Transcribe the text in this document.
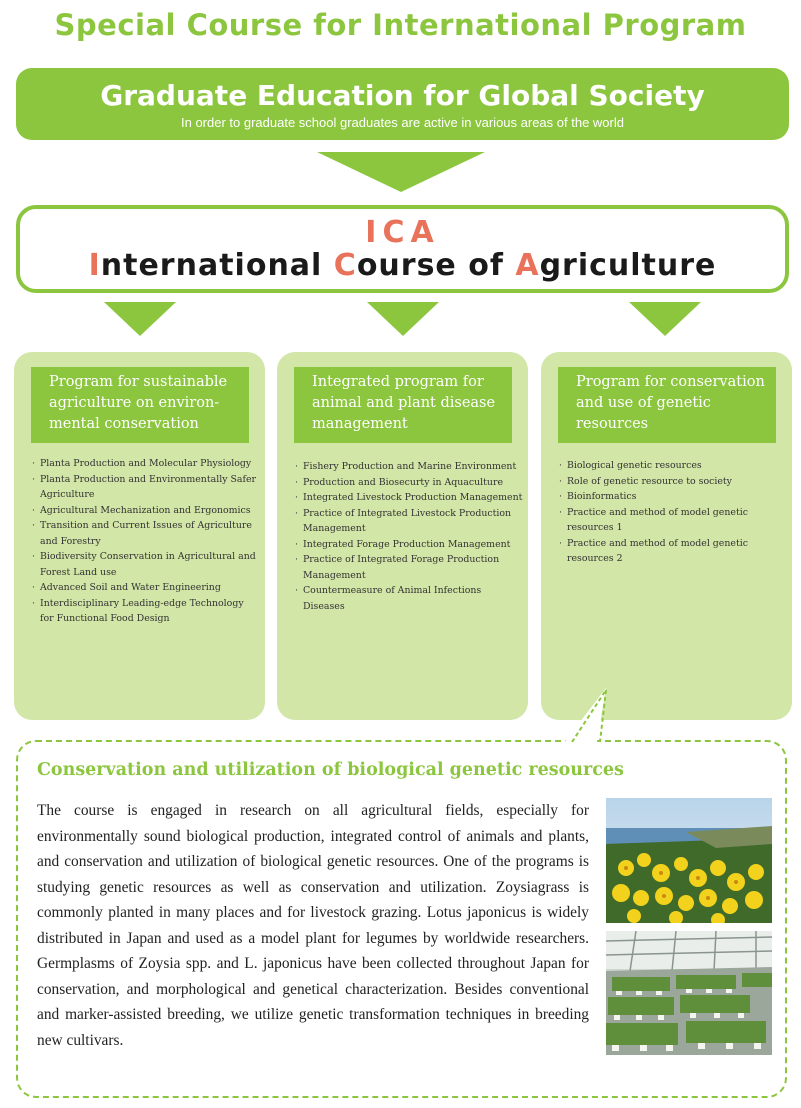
Special Course for International Program
Graduate Education for Global Society
In order to graduate school graduates are active in various areas of the world
ICA
International Course of Agriculture
Program for sustainable agriculture on environ-mental conservation
· Planta Production and Molecular Physiology
· Planta Production and Environmentally Safer Agriculture
· Agricultural Mechanization and Ergonomics
· Transition and Current Issues of Agriculture and Forestry
· Biodiversity Conservation in Agricultural and Forest Land use
· Advanced Soil and Water Engineering
· Interdisciplinary Leading-edge Technology for Functional Food Design
Integrated program for animal and plant disease management
· Fishery Production and Marine Environment
· Production and Biosecurty in Aquaculture
· Integrated Livestock Production Management
· Practice of Integrated Livestock Production Management
· Integrated Forage Production Management
· Practice of Integrated Forage Production Management
· Countermeasure of Animal Infections Diseases
Program for conservation and use of genetic resources
· Biological genetic resources
· Role of genetic resource to society
· Bioinformatics
· Practice and method of model genetic resources 1
· Practice and method of model genetic resources 2
Conservation and utilization of biological genetic resources
The course is engaged in research on all agricultural fields, especially for environmentally sound biological production, integrated control of animals and plants, and conservation and utilization of biological genetic resources. One of the programs is studying genetic resources as well as conservation and utilization. Zoysiagrass is commonly planted in many places and for livestock grazing. Lotus japonicus is widely distributed in Japan and used as a model plant for legumes by worldwide researchers. Germplasms of Zoysia spp. and L. japonicus have been collected throughout Japan for conservation, and morphological and genetical characterization. Besides conventional and marker-assisted breeding, we utilize genetic transformation techniques in breeding new cultivars.
